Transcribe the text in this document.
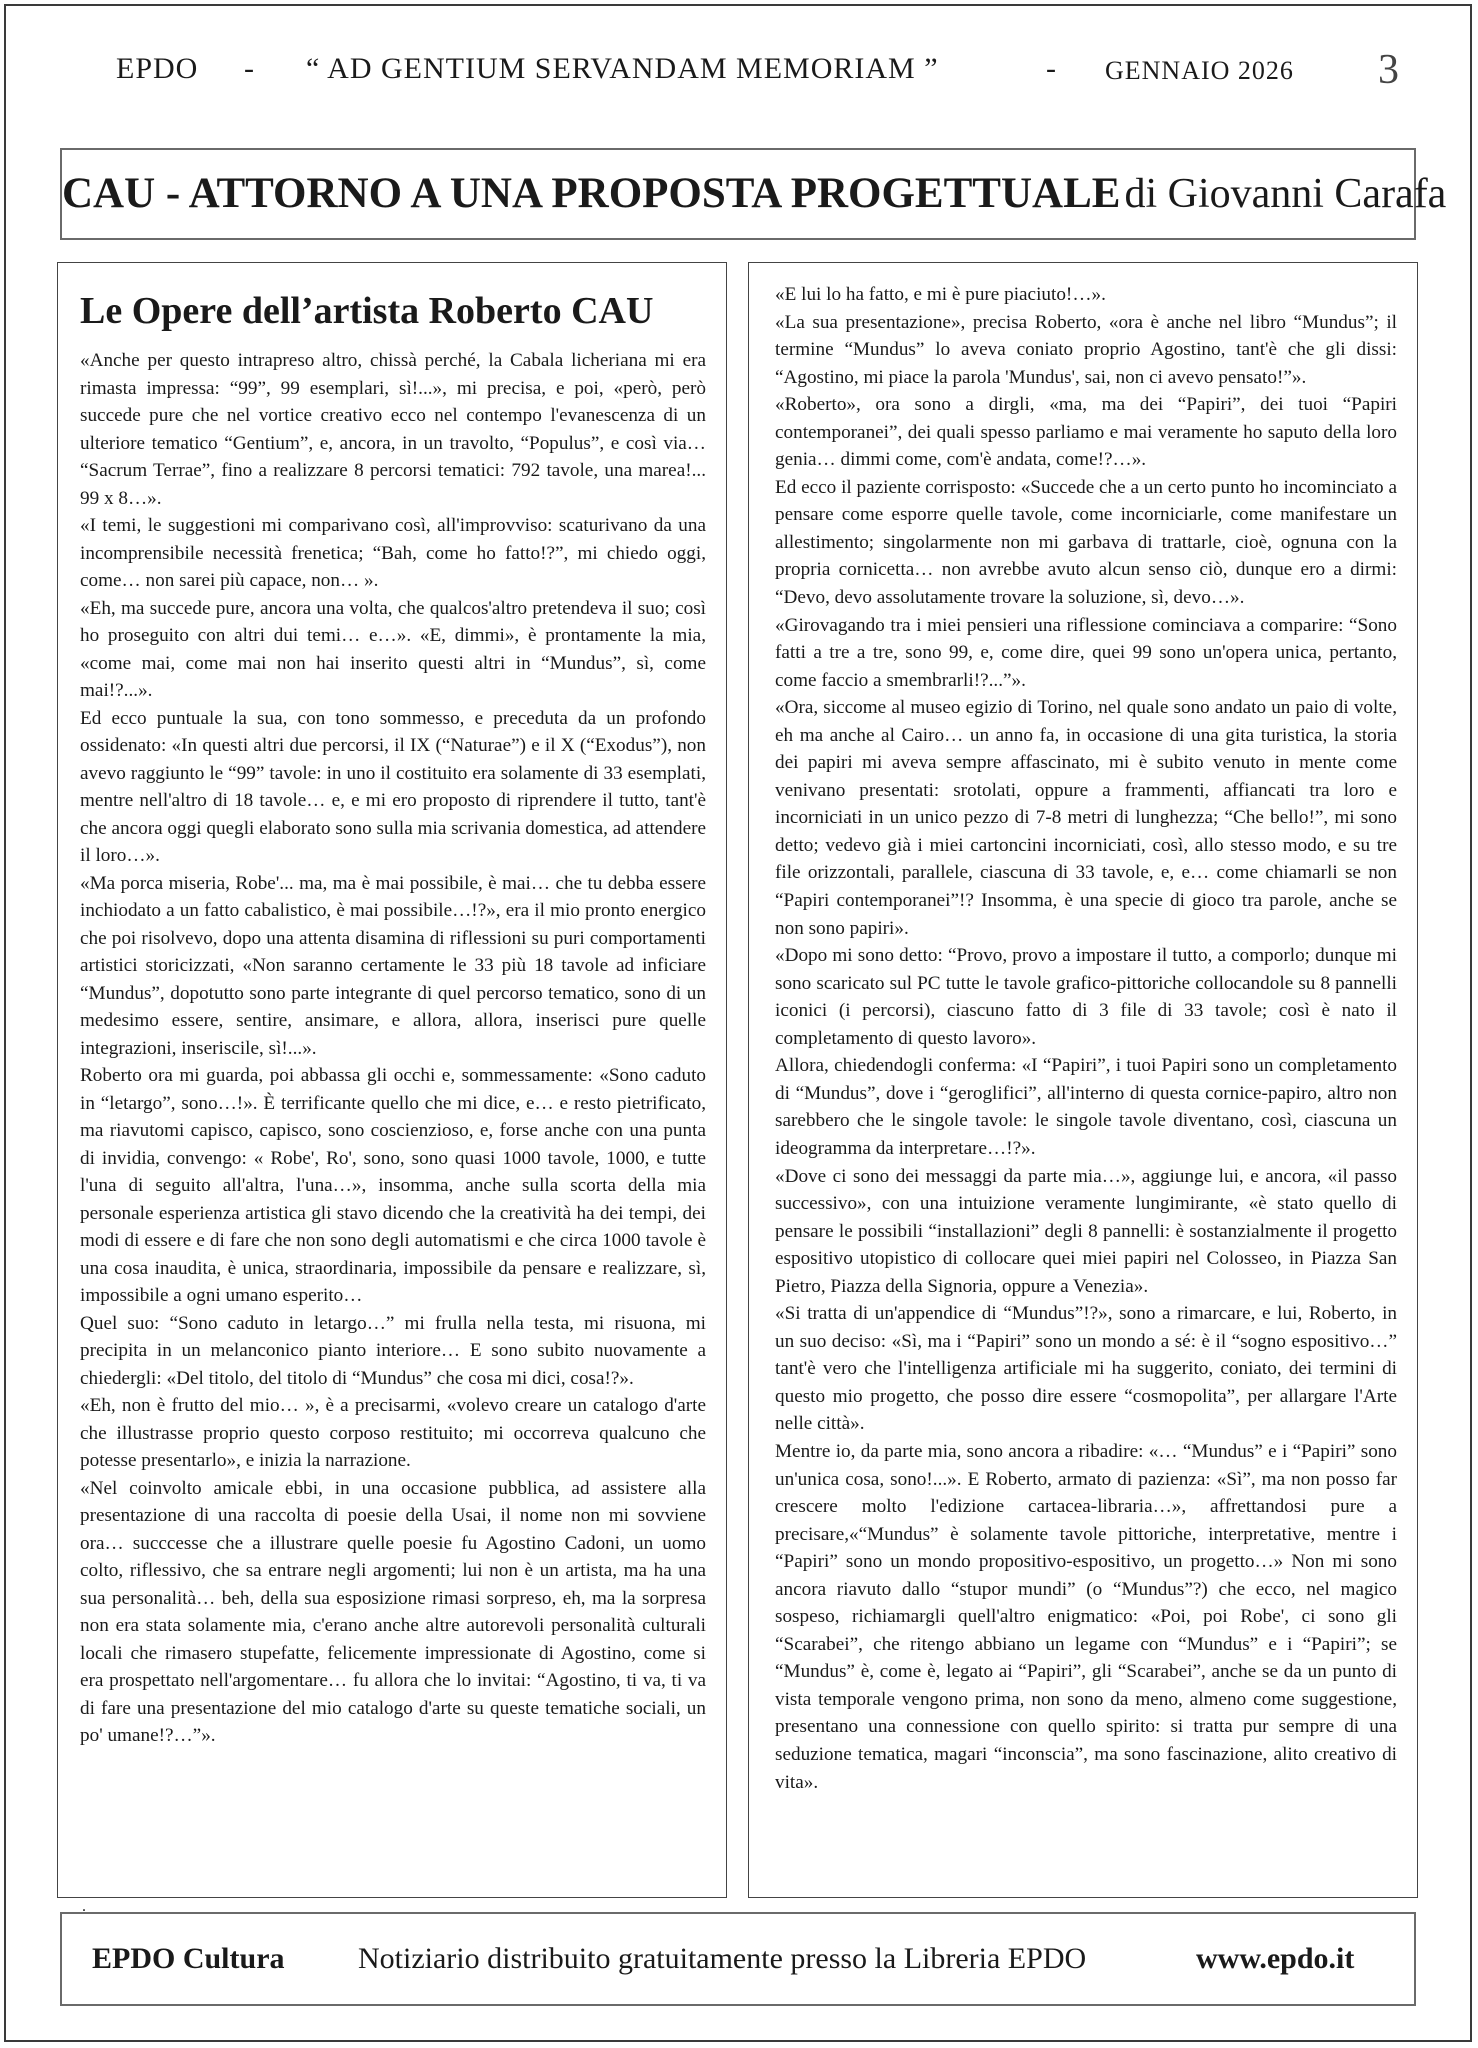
EPDO - “ AD GENTIUM SERVANDAM MEMORIAM ”	- GENNAIO 2026 3
CAU - ATTORNO A UNA PROPOSTA PROGETTUALE di Giovanni Carafa
Le Opere dell’artista Roberto CAU

«Anche per questo intrapreso altro, chissà perché, la Cabala licheriana mi era rimasta impressa: “99”, 99 esemplari, sì!...», mi precisa, e poi, «però, però succede pure che nel vortice creativo ecco nel contempo l'evanescenza di un ulteriore tematico “Gentium”, e, ancora, in un travolto, “Populus”, e così via… “Sacrum Terrae”, fino a realizzare 8 percorsi tematici: 792 tavole, una marea!... 99 x 8…».

«I temi, le suggestioni mi comparivano così, all'improvviso: scaturivano da una incomprensibile necessità frenetica; “Bah, come ho fatto!?”, mi chiedo oggi, come… non sarei più capace, non… ».

«Eh, ma succede pure, ancora una volta, che qualcos'altro pretendeva il suo; così ho proseguito con altri dui temi… e…». «E, dimmi», è prontamente la mia, «come mai, come mai non hai inserito questi altri in “Mundus”, sì, come mai!?...».

Ed ecco puntuale la sua, con tono sommesso, e preceduta da un profondo ossidenato: «In questi altri due percorsi, il IX (“Naturae”) e il X (“Exodus”), non avevo raggiunto le “99” tavole: in uno il costituito era solamente di 33 esemplati, mentre nell'altro di 18 tavole… e, e mi ero proposto di riprendere il tutto, tant'è che ancora oggi quegli elaborato sono sulla mia scrivania domestica, ad attendere il loro…».

«Ma porca miseria, Robe'... ma, ma è mai possibile, è mai… che tu debba essere inchiodato a un fatto cabalistico, è mai possibile…!?», era il mio pronto energico che poi risolvevo, dopo una attenta disamina di riflessioni su puri comportamenti artistici storicizzati, «Non saranno certamente le 33 più 18 tavole ad inficiare “Mundus”, dopotutto sono parte integrante di quel percorso tematico, sono di un medesimo essere, sentire, ansimare, e allora, allora, inserisci pure quelle integrazioni, inseriscile, sì!...».

Roberto ora mi guarda, poi abbassa gli occhi e, sommessamente: «Sono caduto in “letargo”, sono…!». È terrificante quello che mi dice, e… e resto pietrificato, ma riavutomi capisco, capisco, sono coscienzioso, e, forse anche con una punta di invidia, convengo: « Robe', Ro', sono, sono quasi 1000 tavole, 1000, e tutte l'una di seguito all'altra, l'una…», insomma, anche sulla scorta della mia personale esperienza artistica gli stavo dicendo che la creatività ha dei tempi, dei modi di essere e di fare che non sono degli automatismi e che circa 1000 tavole è una cosa inaudita, è unica, straordinaria, impossibile da pensare e realizzare, sì, impossibile a ogni umano esperito…

Quel suo: “Sono caduto in letargo…” mi frulla nella testa, mi risuona, mi precipita in un melanconico pianto interiore… E sono subito nuovamente a chiedergli: «Del titolo, del titolo di “Mundus” che cosa mi dici, cosa!?».

«Eh, non è frutto del mio… », è a precisarmi, «volevo creare un catalogo d'arte che illustrasse proprio questo corposo restituito; mi occorreva qualcuno che potesse presentarlo», e inizia la narrazione.

«Nel coinvolto amicale ebbi, in una occasione pubblica, ad assistere alla presentazione di una raccolta di poesie della Usai, il nome non mi sovviene ora… succcesse che a illustrare quelle poesie fu Agostino Cadoni, un uomo colto, riflessivo, che sa entrare negli argomenti; lui non è un artista, ma ha una sua personalità… beh, della sua esposizione rimasi sorpreso, eh, ma la sorpresa non era stata solamente mia, c'erano anche altre autorevoli personalità culturali locali che rimasero stupefatte, felicemente impressionate di Agostino, come si era prospettato nell'argomentare… fu allora che lo invitai: “Agostino, ti va, ti va di fare una presentazione del mio catalogo d'arte su queste tematiche sociali, un po' umane!?…”».

«E lui lo ha fatto, e mi è pure piaciuto!…».

«La sua presentazione», precisa Roberto, «ora è anche nel libro “Mundus”; il termine “Mundus” lo aveva coniato proprio Agostino, tant'è che gli dissi: “Agostino, mi piace la parola 'Mundus', sai, non ci avevo pensato!”».

«Roberto», ora sono a dirgli, «ma, ma dei “Papiri”, dei tuoi “Papiri contemporanei”, dei quali spesso parliamo e mai veramente ho saputo della loro genia… dimmi come, com'è andata, come!?…».

Ed ecco il paziente corrisposto: «Succede che a un certo punto ho incominciato a pensare come esporre quelle tavole, come incorniciarle, come manifestare un allestimento; singolarmente non mi garbava di trattarle, cioè, ognuna con la propria cornicetta… non avrebbe avuto alcun senso ciò, dunque ero a dirmi: “Devo, devo assolutamente trovare la soluzione, sì, devo…».

«Girovagando tra i miei pensieri una riflessione cominciava a comparire: “Sono fatti a tre a tre, sono 99, e, come dire, quei 99 sono un'opera unica, pertanto, come faccio a smembrarli!?...”».

«Ora, siccome al museo egizio di Torino, nel quale sono andato un paio di volte, eh ma anche al Cairo… un anno fa, in occasione di una gita turistica, la storia dei papiri mi aveva sempre affascinato, mi è subito venuto in mente come venivano presentati: srotolati, oppure a frammenti, affiancati tra loro e incorniciati in un unico pezzo di 7-8 metri di lunghezza; “Che bello!”, mi sono detto; vedevo già i miei cartoncini incorniciati, così, allo stesso modo, e su tre file orizzontali, parallele, ciascuna di 33 tavole, e, e… come chiamarli se non “Papiri contemporanei”!? Insomma, è una specie di gioco tra parole, anche se non sono papiri».

«Dopo mi sono detto: “Provo, provo a impostare il tutto, a comporlo; dunque mi sono scaricato sul PC tutte le tavole grafico-pittoriche collocandole su 8 pannelli iconici (i percorsi), ciascuno fatto di 3 file di 33 tavole; così è nato il completamento di questo lavoro».

Allora, chiedendogli conferma: «I “Papiri”, i tuoi Papiri sono un completamento di “Mundus”, dove i “geroglifici”, all'interno di questa cornice-papiro, altro non sarebbero che le singole tavole: le singole tavole diventano, così, ciascuna un ideogramma da interpretare…!?».

«Dove ci sono dei messaggi da parte mia…», aggiunge lui, e ancora, «il passo successivo», con una intuizione veramente lungimirante, «è stato quello di pensare le possibili “installazioni” degli 8 pannelli: è sostanzialmente il progetto espositivo utopistico di collocare quei miei papiri nel Colosseo, in Piazza San Pietro, Piazza della Signoria, oppure a Venezia».

«Si tratta di un'appendice di “Mundus”!?», sono a rimarcare, e lui, Roberto, in un suo deciso: «Sì, ma i “Papiri” sono un mondo a sé: è il “sogno espositivo…” tant'è vero che l'intelligenza artificiale mi ha suggerito, coniato, dei termini di questo mio progetto, che posso dire essere “cosmopolita”, per allargare l'Arte nelle città».

Mentre io, da parte mia, sono ancora a ribadire: «… “Mundus” e i “Papiri” sono un'unica cosa, sono!...». E Roberto, armato di pazienza: «Sì”, ma non posso far crescere molto l'edizione cartacea-libraria…», affrettandosi pure a precisare,«“Mundus” è solamente tavole pittoriche, interpretative, mentre i “Papiri” sono un mondo propositivo-espositivo, un progetto…» Non mi sono ancora riavuto dallo “stupor mundi” (o “Mundus”?) che ecco, nel magico sospeso, richiamargli quell'altro enigmatico: «Poi, poi Robe', ci sono gli “Scarabei”, che ritengo abbiano un legame con “Mundus” e i “Papiri”; se “Mundus” è, come è, legato ai “Papiri”, gli “Scarabei”, anche se da un punto di vista temporale vengono prima, non sono da meno, almeno come suggestione, presentano una connessione con quello spirito: si tratta pur sempre di una seduzione tematica, magari “inconscia”, ma sono fascinazione, alito creativo di vita».

.
EPDO Cultura Notiziario distribuito gratuitamente presso la Libreria EPDO	www.epdo.it
